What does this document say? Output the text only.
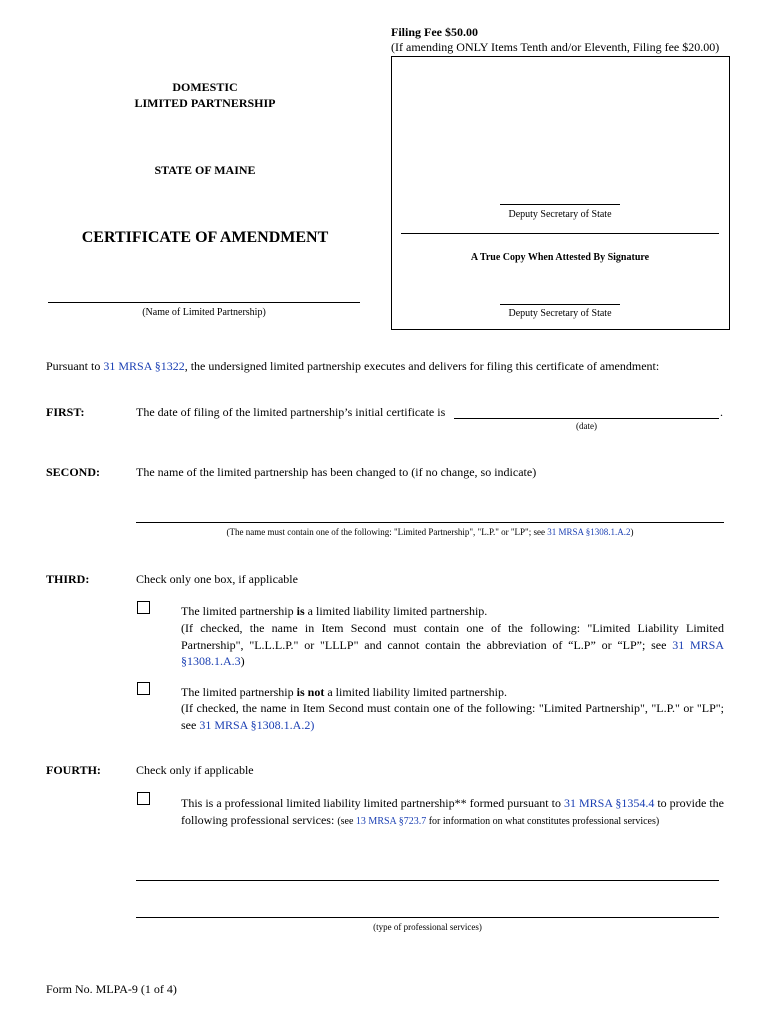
Filing Fee $50.00
(If amending ONLY Items Tenth and/or Eleventh, Filing fee $20.00)
Deputy Secretary of State
A True Copy When Attested By Signature
Deputy Secretary of State
DOMESTIC
LIMITED PARTNERSHIP
STATE OF MAINE
CERTIFICATE OF AMENDMENT
(Name of Limited Partnership)
Pursuant to 31 MRSA §1322, the undersigned limited partnership executes and delivers for filing this certificate of amendment:
FIRST:	The date of filing of the limited partnership’s initial certificate is	.
(date)
SECOND:	The name of the limited partnership has been changed to (if no change, so indicate)
(The name must contain one of the following: "Limited Partnership", "L.P." or "LP"; see 31 MRSA §1308.1.A.2)
THIRD:	Check only one box, if applicable
The limited partnership is a limited liability limited partnership.
(If checked, the name in Item Second must contain one of the following: "Limited Liability Limited Partnership", "L.L.L.P." or "LLLP" and cannot contain the abbreviation of “L.P” or “LP”; see 31 MRSA §1308.1.A.3)
The limited partnership is not a limited liability limited partnership.
(If checked, the name in Item Second must contain one of the following: "Limited Partnership", "L.P." or "LP"; see 31 MRSA §1308.1.A.2)
FOURTH:	Check only if applicable
This is a professional limited liability limited partnership** formed pursuant to 31 MRSA §1354.4 to provide the following professional services: (see 13 MRSA §723.7 for information on what constitutes professional services)
(type of professional services)
Form No. MLPA-9 (1 of 4)
